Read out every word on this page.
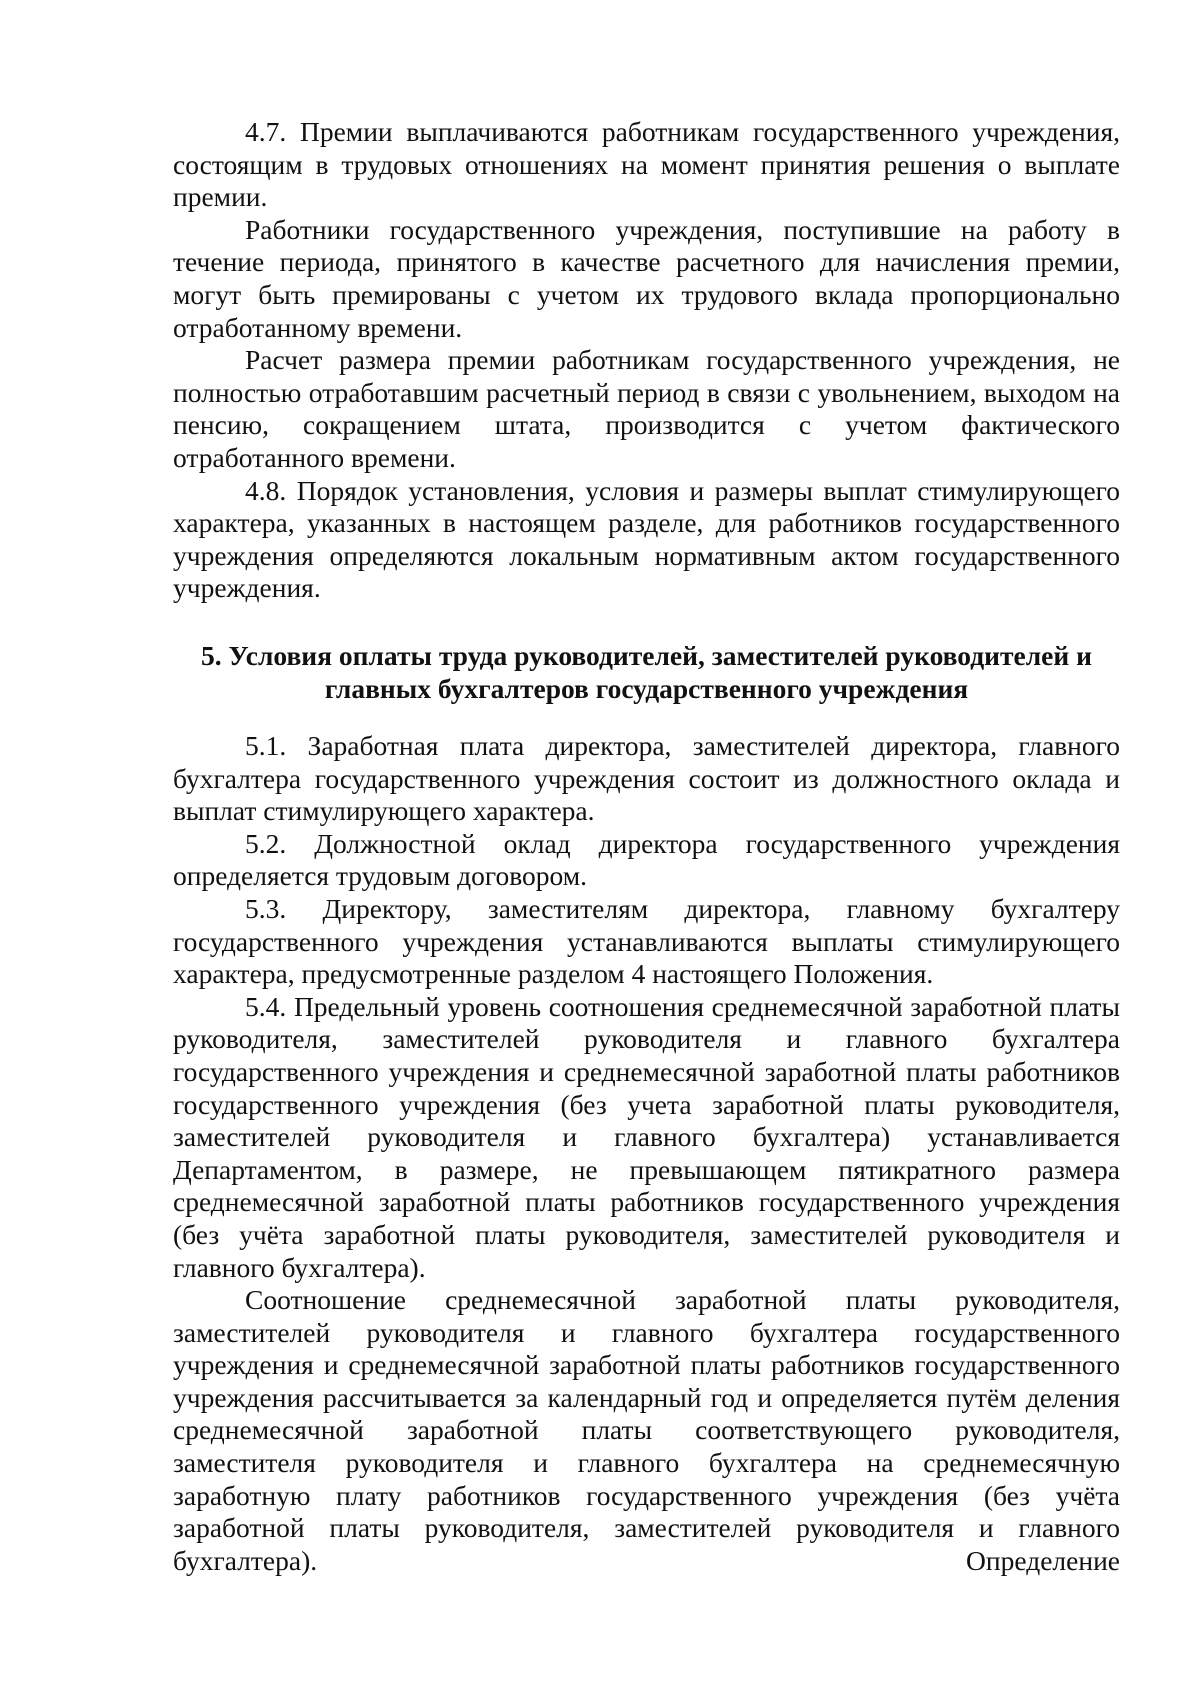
4.7. Премии выплачиваются работникам государственного учреждения, состоящим в трудовых отношениях на момент принятия решения о выплате премии.

Работники государственного учреждения, поступившие на работу в течение периода, принятого в качестве расчетного для начисления премии, могут быть премированы с учетом их трудового вклада пропорционально отработанному времени.

Расчет размера премии работникам государственного учреждения, не полностью отработавшим расчетный период в связи с увольнением, выходом на пенсию, сокращением штата, производится с учетом фактического отработанного времени.

4.8. Порядок установления, условия и размеры выплат стимулирующего характера, указанных в настоящем разделе, для работников государственного учреждения определяются локальным нормативным актом государственного учреждения.

5. Условия оплаты труда руководителей, заместителей руководителей и
главных бухгалтеров государственного учреждения

5.1. Заработная плата директора, заместителей директора, главного бухгалтера государственного учреждения состоит из должностного оклада и выплат стимулирующего характера.

5.2. Должностной оклад директора государственного учреждения определяется трудовым договором.

5.3. Директору, заместителям директора, главному бухгалтеру государственного учреждения устанавливаются выплаты стимулирующего характера, предусмотренные разделом 4 настоящего Положения.

5.4. Предельный уровень соотношения среднемесячной заработной платы руководителя, заместителей руководителя и главного бухгалтера государственного учреждения и среднемесячной заработной платы работников государственного учреждения (без учета заработной платы руководителя, заместителей руководителя и главного бухгалтера) устанавливается Департаментом, в размере, не превышающем пятикратного размера среднемесячной заработной платы работников государственного учреждения (без учёта заработной платы руководителя, заместителей руководителя и главного бухгалтера).

Соотношение среднемесячной заработной платы руководителя, заместителей руководителя и главного бухгалтера государственного учреждения и среднемесячной заработной платы работников государственного учреждения рассчитывается за календарный год и определяется путём деления среднемесячной заработной платы соответствующего руководителя, заместителя руководителя и главного бухгалтера на среднемесячную заработную плату работников государственного учреждения (без учёта заработной платы руководителя, заместителей руководителя и главного бухгалтера). Определение
